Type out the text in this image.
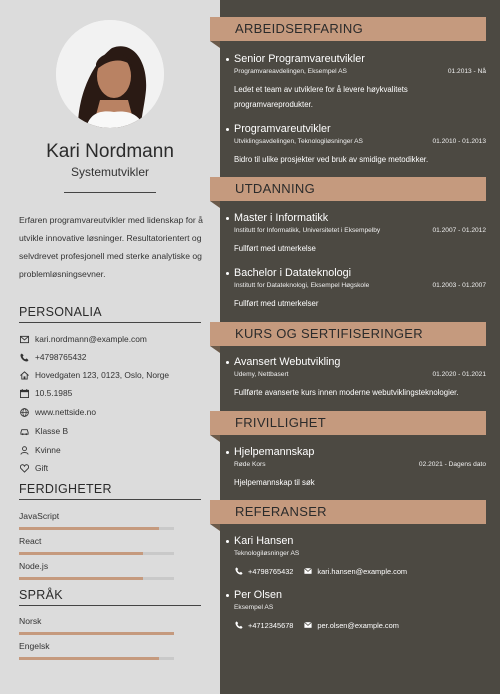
Kari Nordmann
Systemutvikler
Erfaren programvareutvikler med lidenskap for å utvikle innovative løsninger. Resultatorientert og selvdrevet profesjonell med sterke analytiske og problemløsningsevner.
PERSONALIA
kari.nordmann@example.com
+4798765432
Hovedgaten 123, 0123, Oslo, Norge
10.5.1985
www.nettside.no
Klasse B
Kvinne
Gift
FERDIGHETER
JavaScript
React
Node.js
SPRÅK
Norsk
Engelsk
ARBEIDSERFARING
Senior Programvareutvikler
Programvareavdelingen, Eksempel AS	01.2013 - Nå
Ledet et team av utviklere for å levere høykvalitets programvareprodukter.
Programvareutvikler
Utviklingsavdelingen, Teknologiløsninger AS	01.2010 - 01.2013
Bidro til ulike prosjekter ved bruk av smidige metodikker.
UTDANNING
Master i Informatikk
Institutt for Informatikk, Universitetet i Eksempelby	01.2007 - 01.2012
Fullført med utmerkelse
Bachelor i Datateknologi
Institutt for Datateknologi, Eksempel Høgskole	01.2003 - 01.2007
Fullført med utmerkelser
KURS OG SERTIFISERINGER
Avansert Webutvikling
Udemy, Nettbasert	01.2020 - 01.2021
Fullførte avanserte kurs innen moderne webutviklingsteknologier.
FRIVILLIGHET
Hjelpemannskap
Røde Kors	02.2021 - Dagens dato
Hjelpemannskap til søk
REFERANSER
Kari Hansen
Teknologiløsninger AS
+4798765432	kari.hansen@example.com
Per Olsen
Eksempel AS
+4712345678	per.olsen@example.com
